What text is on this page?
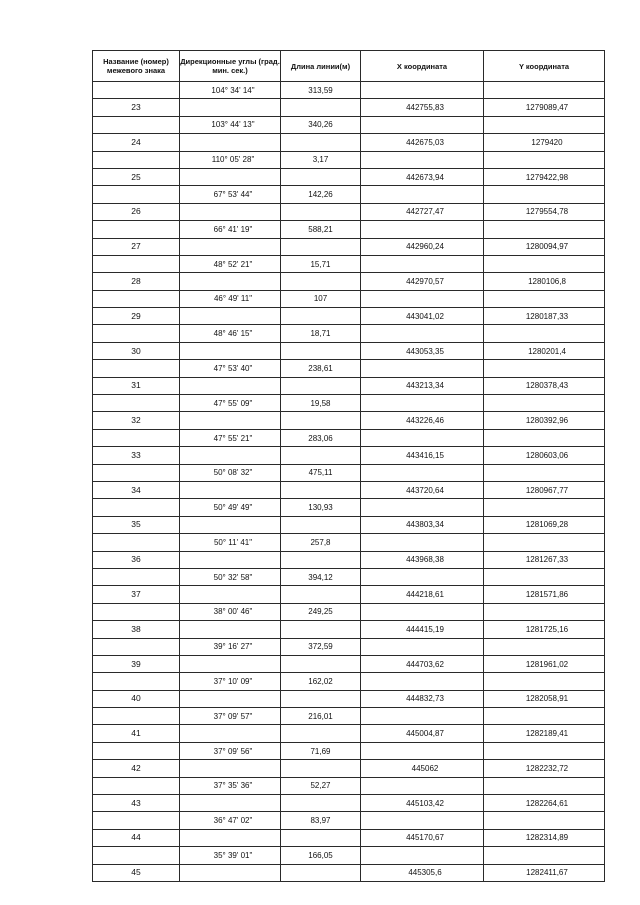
Название (номер) межевого знака	Дирекционные углы (град. мин. сек.)	Длина линии(м)	X координата	Y координата
	104° 34' 14"	313,59		
23			442755,83	1279089,47
	103° 44' 13"	340,26		
24			442675,03	1279420
	110° 05' 28"	3,17		
25			442673,94	1279422,98
	67° 53' 44"	142,26		
26			442727,47	1279554,78
	66° 41' 19"	588,21		
27			442960,24	1280094,97
	48° 52' 21"	15,71		
28			442970,57	1280106,8
	46° 49' 11"	107		
29			443041,02	1280187,33
	48° 46' 15"	18,71		
30			443053,35	1280201,4
	47° 53' 40"	238,61		
31			443213,34	1280378,43
	47° 55' 09"	19,58		
32			443226,46	1280392,96
	47° 55' 21"	283,06		
33			443416,15	1280603,06
	50° 08' 32"	475,11		
34			443720,64	1280967,77
	50° 49' 49"	130,93		
35			443803,34	1281069,28
	50° 11' 41"	257,8		
36			443968,38	1281267,33
	50° 32' 58"	394,12		
37			444218,61	1281571,86
	38° 00' 46"	249,25		
38			444415,19	1281725,16
	39° 16' 27"	372,59		
39			444703,62	1281961,02
	37° 10' 09"	162,02		
40			444832,73	1282058,91
	37° 09' 57"	216,01		
41			445004,87	1282189,41
	37° 09' 56"	71,69		
42			445062	1282232,72
	37° 35' 36"	52,27		
43			445103,42	1282264,61
	36° 47' 02"	83,97		
44			445170,67	1282314,89
	35° 39' 01"	166,05		
45			445305,6	1282411,67
